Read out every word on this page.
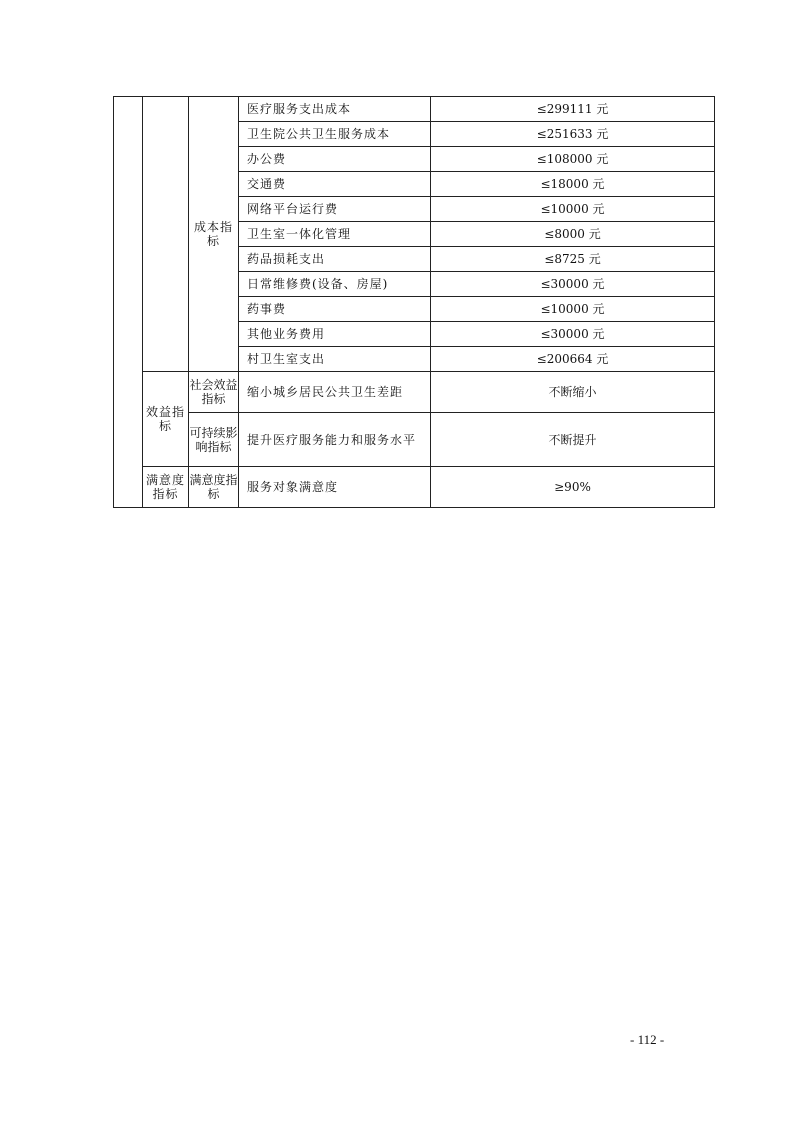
		成本指标	医疗服务支出成本	≤299111 元
			卫生院公共卫生服务成本	≤251633 元
			办公费	≤108000 元
			交通费	≤18000 元
			网络平台运行费	≤10000 元
			卫生室一体化管理	≤8000 元
			药品损耗支出	≤8725 元
			日常维修费(设备、房屋)	≤30000 元
			药事费	≤10000 元
			其他业务费用	≤30000 元
			村卫生室支出	≤200664 元
	效益指标	社会效益指标	缩小城乡居民公共卫生差距	不断缩小
		可持续影响指标	提升医疗服务能力和服务水平	不断提升
	满意度指标	满意度指标	服务对象满意度	≥90%
- 112 -
